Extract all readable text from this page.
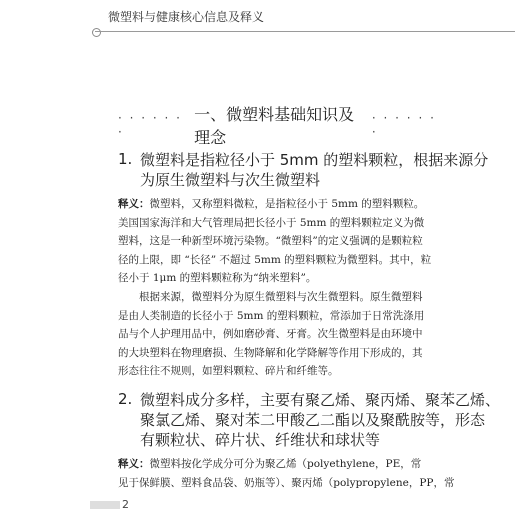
微塑料与健康核心信息及释义
· · · · · · ·
一、微塑料基础知识及理念
· · · · · · ·
1. 微塑料是指粒径小于 5mm 的塑料颗粒，根据来源分
为原生微塑料与次生微塑料
释义：微塑料，又称塑料微粒，是指粒径小于 5mm 的塑料颗粒。
美国国家海洋和大气管理局把长径小于 5mm 的塑料颗粒定义为微
塑料，这是一种新型环境污染物。“微塑料”的定义强调的是颗粒粒
径的上限，即 “长径” 不超过 5mm 的塑料颗粒为微塑料。其中，粒
径小于 1μm 的塑料颗粒称为“纳米塑料”。
　　根据来源，微塑料分为原生微塑料与次生微塑料。原生微塑料
是由人类制造的长径小于 5mm 的塑料颗粒，常添加于日常洗涤用
品与个人护理用品中，例如磨砂膏、牙膏。次生微塑料是由环境中
的大块塑料在物理磨损、生物降解和化学降解等作用下形成的，其
形态往往不规则，如塑料颗粒、碎片和纤维等。
2. 微塑料成分多样，主要有聚乙烯、聚丙烯、聚苯乙烯、
聚氯乙烯、聚对苯二甲酸乙二酯以及聚酰胺等，形态
有颗粒状、碎片状、纤维状和球状等
释义：微塑料按化学成分可分为聚乙烯（polyethylene，PE，常
见于保鲜膜、塑料食品袋、奶瓶等）、聚丙烯（polypropylene，PP，常
2
